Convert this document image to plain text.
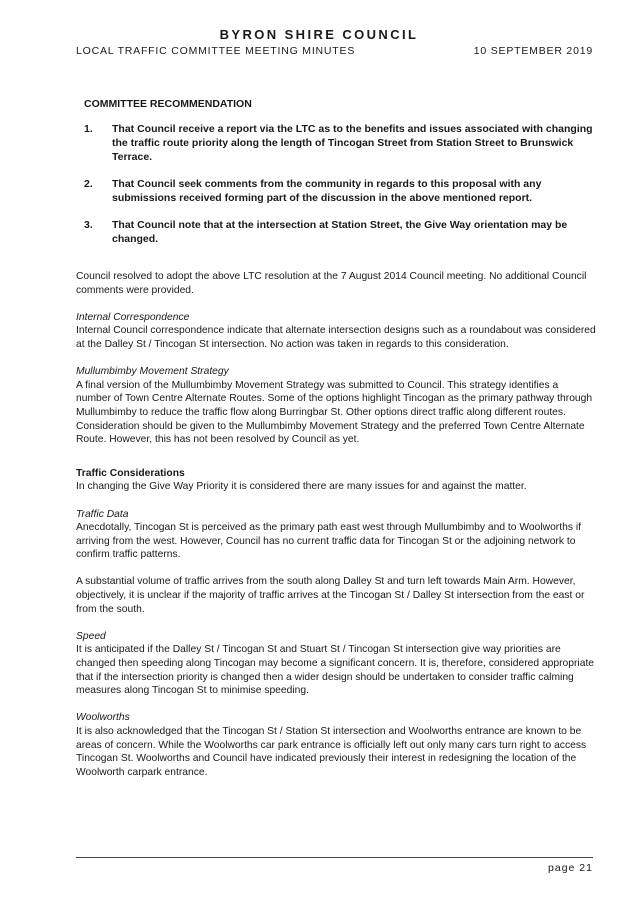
BYRON SHIRE COUNCIL
LOCAL TRAFFIC COMMITTEE MEETING MINUTES	10 SEPTEMBER 2019
COMMITTEE RECOMMENDATION
1.	That Council receive a report via the LTC as to the benefits and issues associated with changing the traffic route priority along the length of Tincogan Street from Station Street to Brunswick Terrace.
2.	That Council seek comments from the community in regards to this proposal with any submissions received forming part of the discussion in the above mentioned report.
3.	That Council note that at the intersection at Station Street, the Give Way orientation may be changed.

Council resolved to adopt the above LTC resolution at the 7 August 2014 Council meeting. No additional Council comments were provided.

Internal Correspondence

Internal Council correspondence indicate that alternate intersection designs such as a roundabout was considered at the Dalley St / Tincogan St intersection. No action was taken in regards to this consideration.

Mullumbimby Movement Strategy

A final version of the Mullumbimby Movement Strategy was submitted to Council. This strategy identifies a number of Town Centre Alternate Routes. Some of the options highlight Tincogan as the primary pathway through Mullumbimby to reduce the traffic flow along Burringbar St. Other options direct traffic along different routes. Consideration should be given to the Mullumbimby Movement Strategy and the preferred Town Centre Alternate Route. However, this has not been resolved by Council as yet.

Traffic Considerations

In changing the Give Way Priority it is considered there are many issues for and against the matter.

Traffic Data

Anecdotally, Tincogan St is perceived as the primary path east west through Mullumbimby and to Woolworths if arriving from the west. However, Council has no current traffic data for Tincogan St or the adjoining network to confirm traffic patterns.

A substantial volume of traffic arrives from the south along Dalley St and turn left towards Main Arm. However, objectively, it is unclear if the majority of traffic arrives at the Tincogan St / Dalley St intersection from the east or from the south.

Speed

It is anticipated if the Dalley St / Tincogan St and Stuart St / Tincogan St intersection give way priorities are changed then speeding along Tincogan may become a significant concern. It is, therefore, considered appropriate that if the intersection priority is changed then a wider design should be undertaken to consider traffic calming measures along Tincogan St to minimise speeding.

Woolworths

It is also acknowledged that the Tincogan St / Station St intersection and Woolworths entrance are known to be areas of concern. While the Woolworths car park entrance is officially left out only many cars turn right to access Tincogan St. Woolworths and Council have indicated previously their interest in redesigning the location of the Woolworth carpark entrance.

page 21
